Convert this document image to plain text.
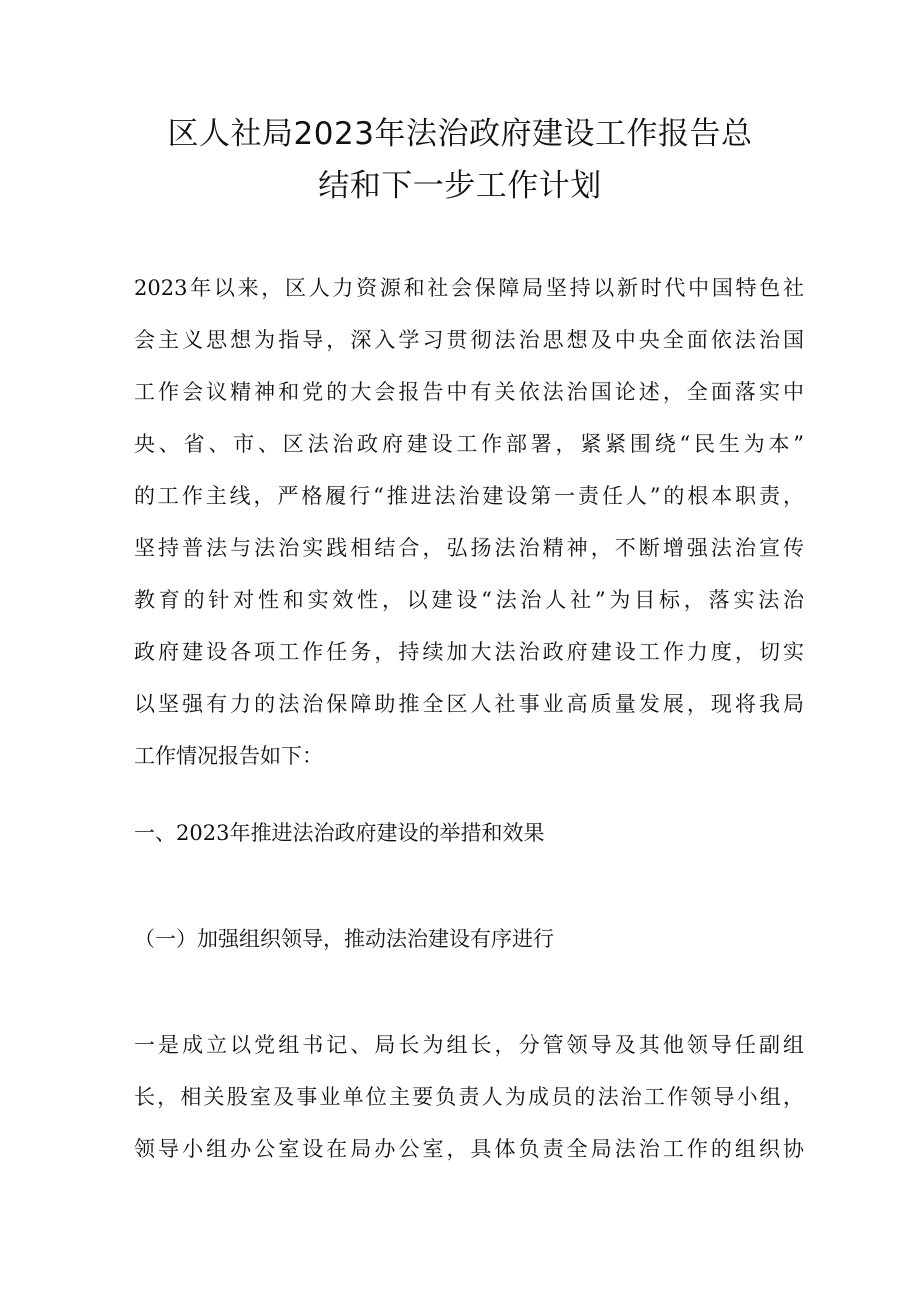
区人社局2023年法治政府建设工作报告总
结和下一步工作计划
2023年以来，区人力资源和社会保障局坚持以新时代中国特色社
会主义思想为指导，深入学习贯彻法治思想及中央全面依法治国
工作会议精神和党的大会报告中有关依法治国论述，全面落实中
央、省、市、区法治政府建设工作部署，紧紧围绕“民生为本”
的工作主线，严格履行“推进法治建设第一责任人”的根本职责，
坚持普法与法治实践相结合，弘扬法治精神，不断增强法治宣传
教育的针对性和实效性，以建设“法治人社”为目标，落实法治
政府建设各项工作任务，持续加大法治政府建设工作力度，切实
以坚强有力的法治保障助推全区人社事业高质量发展，现将我局
工作情况报告如下：
一、2023年推进法治政府建设的举措和效果
（一）加强组织领导，推动法治建设有序进行
一是成立以党组书记、局长为组长，分管领导及其他领导任副组
长，相关股室及事业单位主要负责人为成员的法治工作领导小组，
领导小组办公室设在局办公室，具体负责全局法治工作的组织协
